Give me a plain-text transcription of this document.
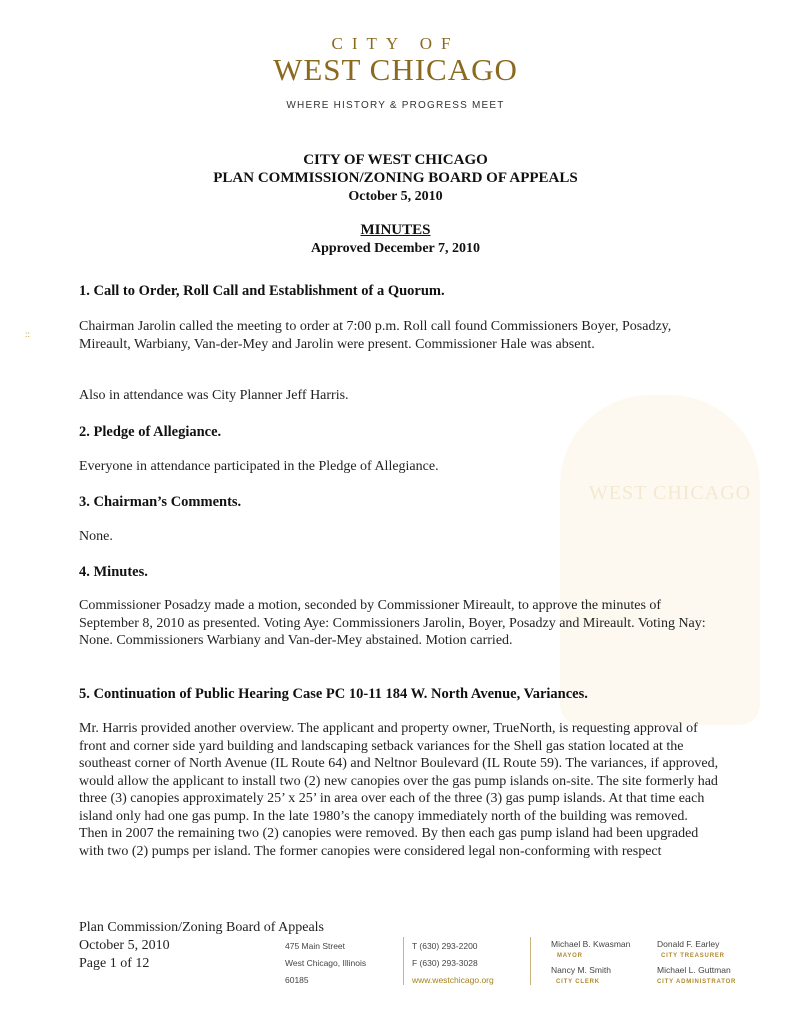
CITY OF
WEST CHICAGO
WHERE HISTORY & PROGRESS MEET
CITY OF WEST CHICAGO
PLAN COMMISSION/ZONING BOARD OF APPEALS
October 5, 2010
MINUTES
Approved December 7, 2010
::
WEST CHICAGO
1. Call to Order, Roll Call and Establishment of a Quorum.
Chairman Jarolin called the meeting to order at 7:00 p.m. Roll call found Commissioners Boyer, Posadzy, Mireault, Warbiany, Van-der-Mey and Jarolin were present. Commissioner Hale was absent.
Also in attendance was City Planner Jeff Harris.
2. Pledge of Allegiance.
Everyone in attendance participated in the Pledge of Allegiance.
3. Chairman’s Comments.
None.
4. Minutes.
Commissioner Posadzy made a motion, seconded by Commissioner Mireault, to approve the minutes of September 8, 2010 as presented. Voting Aye: Commissioners Jarolin, Boyer, Posadzy and Mireault. Voting Nay: None. Commissioners Warbiany and Van-der-Mey abstained. Motion carried.
5. Continuation of Public Hearing Case PC 10-11 184 W. North Avenue, Variances.
Mr. Harris provided another overview. The applicant and property owner, TrueNorth, is requesting approval of front and corner side yard building and landscaping setback variances for the Shell gas station located at the southeast corner of North Avenue (IL Route 64) and Neltnor Boulevard (IL Route 59). The variances, if approved, would allow the applicant to install two (2) new canopies over the gas pump islands on-site. The site formerly had three (3) canopies approximately 25’ x 25’ in area over each of the three (3) gas pump islands. At that time each island only had one gas pump. In the late 1980’s the canopy immediately north of the building was removed. Then in 2007 the remaining two (2) canopies were removed. By then each gas pump island had been upgraded with two (2) pumps per island. The former canopies were considered legal non-conforming with respect
Plan Commission/Zoning Board of Appeals
October 5, 2010
Page 1 of 12
475 Main Street
West Chicago, Illinois
60185
T (630) 293-2200
F (630) 293-3028
www.westchicago.org
Michael B. Kwasman
MAYOR
Nancy M. Smith
CITY CLERK
Donald F. Earley
CITY TREASURER
Michael L. Guttman
CITY ADMINISTRATOR
